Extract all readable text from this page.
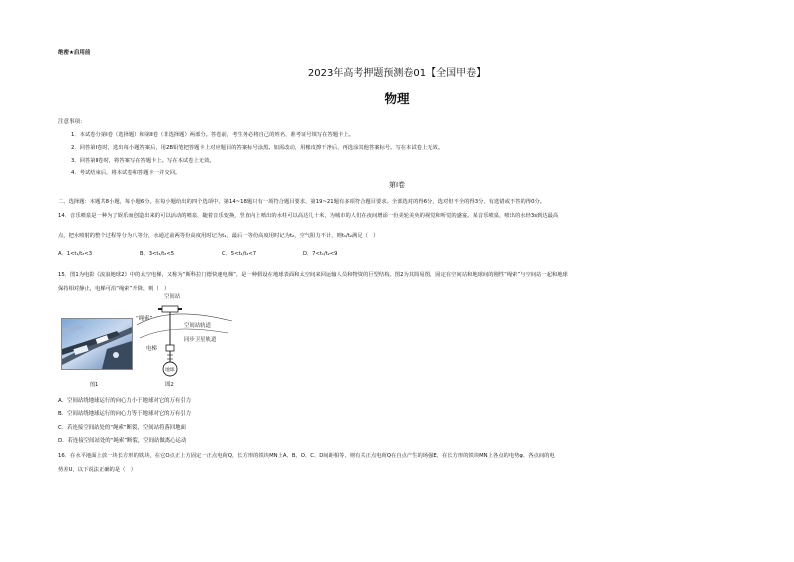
绝密★启用前
2023年高考押题预测卷01【全国甲卷】
物理
注意事项：
1．本试卷分第Ⅰ卷（选择题）和第Ⅱ卷（非选择题）两部分。答卷前，考生务必将自己的姓名、准考证号填写在答题卡上。
2．回答第Ⅰ卷时，选出每小题答案后，用2B铅笔把答题卡上对应题目的答案标号涂黑。如需改动，用橡皮擦干净后，再选涂其他答案标号。写在本试卷上无效。
3．回答第Ⅱ卷时，将答案写在答题卡上。写在本试卷上无效。
4．考试结束后，将本试卷和答题卡一并交回。
第Ⅰ卷
二、选择题：本题共8小题，每小题6分。在每小题给出的四个选项中，第14~18题只有一项符合题目要求，第19~21题有多项符合题目要求。全部选对的得6分，选对但不全的得3分，有选错或不答的得0分。
14．音乐喷泉是一种为了娱乐而创造出来的可以活动的喷泉，随着音乐变换，竖直向上喷出的水柱可以高达几十米，为城市的人们在夜间增添一份美轮美奂的视觉和听觉的盛宴。某音乐喷泉，喷出的水经3s到达最高
点，把水喷射的整个过程等分为八等分，水通过前两等份高度用时记为t₁，最后一等份高度用时记为t₂，空气阻力不计，则t₁/t₂满足（　）
A．1<t₁/t₂<3	B．3<t₁/t₂<5	C．5<t₁/t₂<7	D．7<t₁/t₂<9
15．图1为电影《流浪地球2》中的太空电梯，又称为“斯科拉门德快速电梯”，是一种假设在地球表面和太空间来回运输人员和物资的巨型结构。图2为其简易图，固定在空间站和地球间的刚性“绳索”与空间站一起和地球
保持相对静止，电梯可沿“绳索”升降，则（　）
图1
空间站
“绳索”
空间站轨道
同步卫星轨道
电梯
地球
图2
A．空间站绕地球运行的向心力小于地球对它的万有引力
B．空间站绕地球运行的向心力等于地球对它的万有引力
C．若连接空间站处的“绳索”断裂，空间站将落回地面
D．若连接空间站处的“绳索”断裂，空间站做离心运动
16．在水平地面上放一块长方形的铁块，在它O点正上方固定一正点电荷Q，长方形的铁块MN上A、B、O、C、D间距相等，则有关正点电荷Q在自点产生的场强E，在长方形的铁块MN上各点的电势φ、各点间的电
势差U，以下说法正确的是（　）
